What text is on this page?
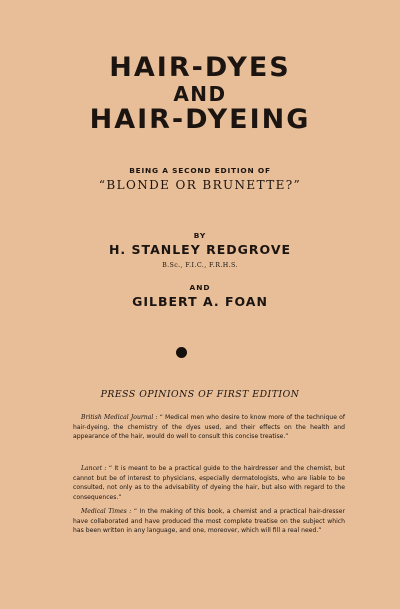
HAIR-DYES
AND
HAIR-DYEING
BEING A SECOND EDITION OF
“BLONDE OR BRUNETTE?”
BY
H. STANLEY REDGROVE
B.Sc., F.I.C., F.R.H.S.
AND
GILBERT A. FOAN
PRESS OPINIONS OF FIRST EDITION

British Medical Journal : “ Medical men who desire to know more of the technique of hair-dyeing, the chemistry of the dyes used, and their effects on the health and appearance of the hair, would do well to consult this concise treatise.”

Lancet : “ It is meant to be a practical guide to the hairdresser and the chemist, but cannot but be of interest to physicians, especially dermatologists, who are liable to be consulted, not only as to the advisability of dyeing the hair, but also with regard to the consequences.”

Medical Times : “ In the making of this book, a chemist and a practical hair-dresser have collaborated and have produced the most complete treatise on the subject which has been written in any language, and one, moreover, which will fill a real need.”
